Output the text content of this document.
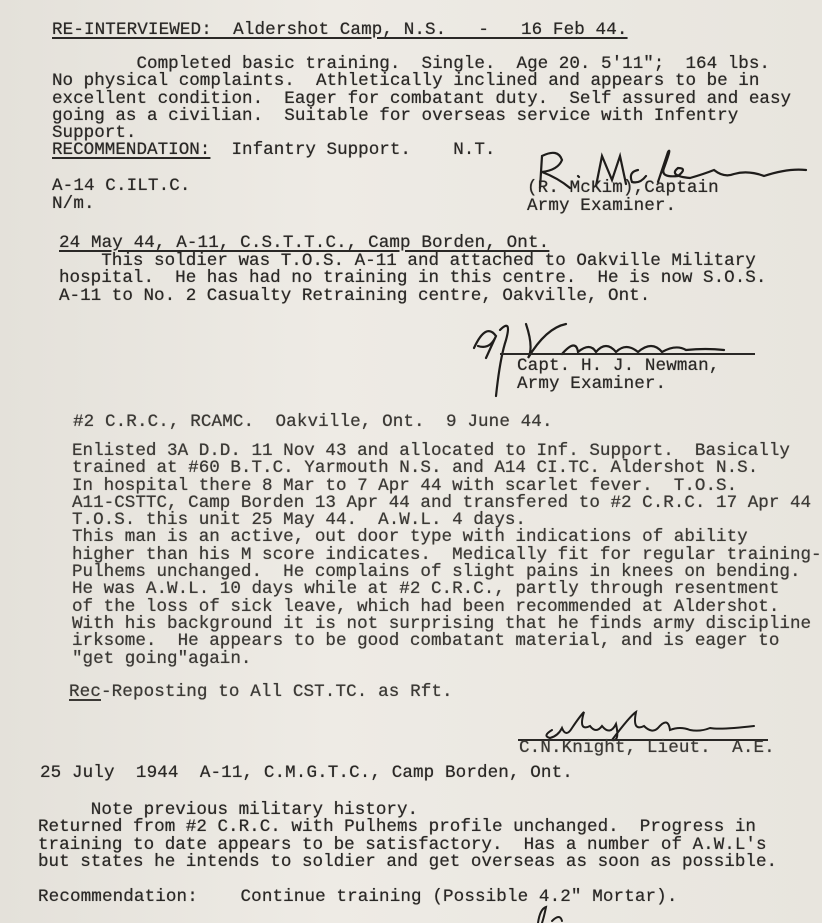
RE-INTERVIEWED:  Aldershot Camp, N.S.   -   16 Feb 44.
Completed basic training.  Single.  Age 20. 5'11";  164 lbs.
No physical complaints.  Athletically inclined and appears to be in
excellent condition.  Eager for combatant duty.  Self assured and easy
going as a civilian.  Suitable for overseas service with Infentry
Support.
RECOMMENDATION:  Infantry Support.    N.T.
A-14 C.ILT.C.
N/m.
(R. McKim),Captain
Army Examiner.
24 May 44, A-11, C.S.T.T.C., Camp Borden, Ont.
This soldier was T.O.S. A-11 and attached to Oakville Military
hospital.  He has had no training in this centre.  He is now S.O.S.
A-11 to No. 2 Casualty Retraining centre, Oakville, Ont.
Capt. H. J. Newman,
Army Examiner.
#2 C.R.C., RCAMC.  Oakville, Ont.  9 June 44.
Enlisted 3A D.D. 11 Nov 43 and allocated to Inf. Support.  Basically
trained at #60 B.T.C. Yarmouth N.S. and A14 CI.TC. Aldershot N.S.
In hospital there 8 Mar to 7 Apr 44 with scarlet fever.  T.O.S.
A11-CSTTC, Camp Borden 13 Apr 44 and transfered to #2 C.R.C. 17 Apr 44
T.O.S. this unit 25 May 44.  A.W.L. 4 days.
This man is an active, out door type with indications of ability
higher than his M score indicates.  Medically fit for regular training-
Pulhems unchanged.  He complains of slight pains in knees on bending.
He was A.W.L. 10 days while at #2 C.R.C., partly through resentment
of the loss of sick leave, which had been recommended at Aldershot.
With his background it is not surprising that he finds army discipline
irksome.  He appears to be good combatant material, and is eager to
"get going"again.
Rec-Reposting to All CST.TC. as Rft.
C.N.Knight, Lieut.  A.E.
25 July  1944  A-11, C.M.G.T.C., Camp Borden, Ont.
Note previous military history.
Returned from #2 C.R.C. with Pulhems profile unchanged.  Progress in
training to date appears to be satisfactory.  Has a number of A.W.L's
but states he intends to soldier and get overseas as soon as possible.
Recommendation:    Continue training (Possible 4.2" Mortar).
